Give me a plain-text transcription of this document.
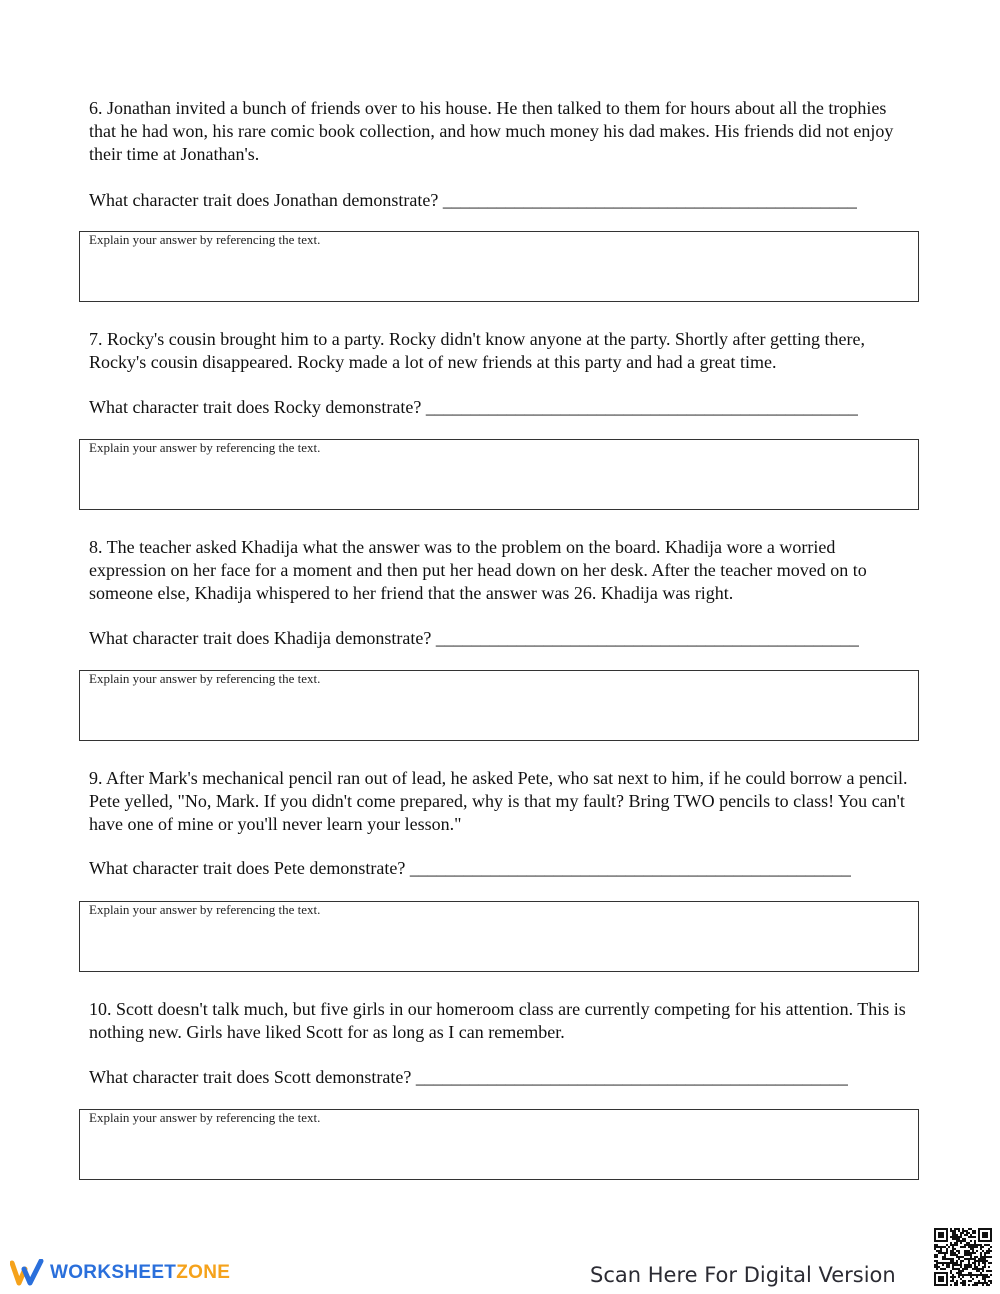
6. Jonathan invited a bunch of friends over to his house. He then talked to them for hours about all the trophies that he had won, his rare comic book collection, and how much money his dad makes. His friends did not enjoy their time at Jonathan's.

What character trait does Jonathan demonstrate? ______________________________________________

Explain your answer by referencing the text.

7. Rocky's cousin brought him to a party. Rocky didn't know anyone at the party. Shortly after getting there, Rocky's cousin disappeared. Rocky made a lot of new friends at this party and had a great time.

What character trait does Rocky demonstrate? ________________________________________________

Explain your answer by referencing the text.

8. The teacher asked Khadija what the answer was to the problem on the board. Khadija wore a worried expression on her face for a moment and then put her head down on her desk. After the teacher moved on to someone else, Khadija whispered to her friend that the answer was 26. Khadija was right.

What character trait does Khadija demonstrate? _______________________________________________

Explain your answer by referencing the text.

9. After Mark's mechanical pencil ran out of lead, he asked Pete, who sat next to him, if he could borrow a pencil. Pete yelled, "No, Mark. If you didn't come prepared, why is that my fault? Bring TWO pencils to class! You can't have one of mine or you'll never learn your lesson."

What character trait does Pete demonstrate? _________________________________________________

Explain your answer by referencing the text.

10. Scott doesn't talk much, but five girls in our homeroom class are currently competing for his attention. This is nothing new. Girls have liked Scott for as long as I can remember.

What character trait does Scott demonstrate? ________________________________________________

Explain your answer by referencing the text.
WORKSHEETZONE	Scan Here For Digital Version
